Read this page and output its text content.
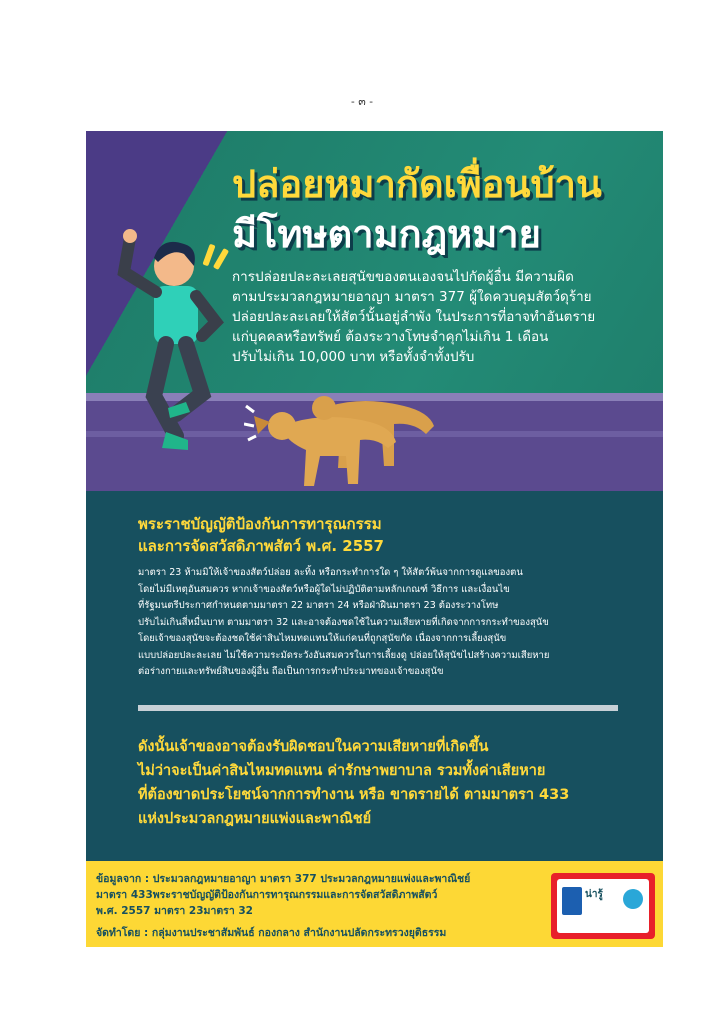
- ๓ -
ปล่อยหมากัดเพื่อนบ้าน
มีโทษตามกฎหมาย

การปล่อยปละละเลยสุนัขของตนเองจนไปกัดผู้อื่น มีความผิด

ตามประมวลกฎหมายอาญา มาตรา 377 ผู้ใดควบคุมสัตว์ดุร้าย

ปล่อยปละละเลยให้สัตว์นั้นอยู่ลำพัง ในประการที่อาจทำอันตราย

แก่บุคคลหรือทรัพย์ ต้องระวางโทษจำคุกไม่เกิน 1 เดือน

ปรับไม่เกิน 10,000 บาท หรือทั้งจำทั้งปรับ

พระราชบัญญัติป้องกันการทารุณกรรม
และการจัดสวัสดิภาพสัตว์ พ.ศ. 2557
มาตรา 23 ห้ามมิให้เจ้าของสัตว์ปล่อย ละทิ้ง หรือกระทำการใด ๆ ให้สัตว์พ้นจากการดูแลของตน
โดยไม่มีเหตุอันสมควร หากเจ้าของสัตว์หรือผู้ใดไม่ปฏิบัติตามหลักเกณฑ์ วิธีการ และเงื่อนไข
ที่รัฐมนตรีประกาศกำหนดตามมาตรา 22 มาตรา 24 หรือฝ่าฝืนมาตรา 23 ต้องระวางโทษ
ปรับไม่เกินสี่หมื่นบาท ตามมาตรา 32 และอาจต้องชดใช้ในความเสียหายที่เกิดจากการกระทำของสุนัข
โดยเจ้าของสุนัขจะต้องชดใช้ค่าสินไหมทดแทนให้แก่คนที่ถูกสุนัขกัด เนื่องจากการเลี้ยงสุนัข
แบบปล่อยปละละเลย ไม่ใช้ความระมัดระวังอันสมควรในการเลี้ยงดู ปล่อยให้สุนัขไปสร้างความเสียหาย
ต่อร่างกายและทรัพย์สินของผู้อื่น ถือเป็นการกระทำประมาทของเจ้าของสุนัข
ดังนั้นเจ้าของอาจต้องรับผิดชอบในความเสียหายที่เกิดขึ้น
ไม่ว่าจะเป็นค่าสินไหมทดแทน ค่ารักษาพยาบาล รวมทั้งค่าเสียหาย
ที่ต้องขาดประโยชน์จากการทำงาน หรือ ขาดรายได้ ตามมาตรา 433
แห่งประมวลกฎหมายแพ่งและพาณิชย์
ข้อมูลจาก : ประมวลกฎหมายอาญา มาตรา 377 ประมวลกฎหมายแพ่งและพาณิชย์
มาตรา 433พระราชบัญญัติป้องกันการทารุณกรรมและการจัดสวัสดิภาพสัตว์
พ.ศ. 2557 มาตรา 23มาตรา 32
จัดทำโดย : กลุ่มงานประชาสัมพันธ์ กองกลาง สำนักงานปลัดกระทรวงยุติธรรม
น่ารู้
